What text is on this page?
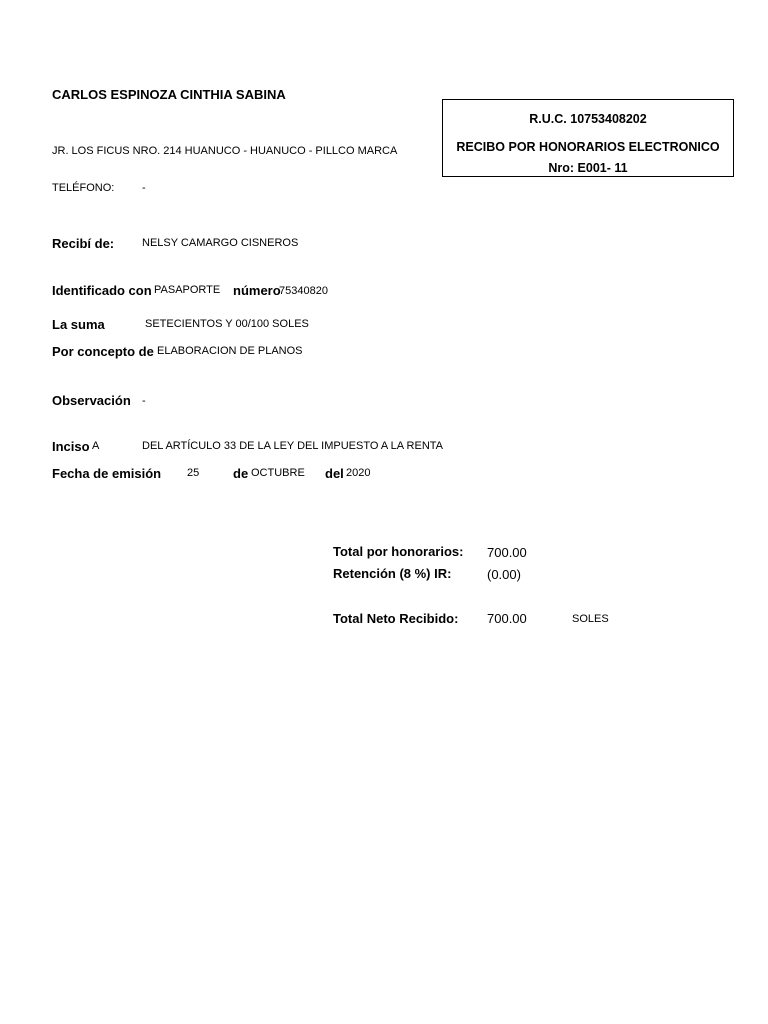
CARLOS ESPINOZA CINTHIA SABINA
JR. LOS FICUS NRO. 214 HUANUCO - HUANUCO - PILLCO MARCA
TELÉFONO:	-
R.U.C. 10753408202
RECIBO POR HONORARIOS ELECTRONICO
Nro: E001- 11
Recibí de:	NELSY CAMARGO CISNEROS
Identificado con PASAPORTE número
75340820
La suma	SETECIENTOS Y 00/100 SOLES
Por concepto de ELABORACION DE PLANOS
Observación -
Inciso A	DEL ARTÍCULO 33 DE LA LEY DEL IMPUESTO A LA RENTA
Fecha de emisión 25	de OCTUBRE del 2020
Total por honorarios: 700.00
Retención (8 %) IR:	(0.00)
Total Neto Recibido: 700.00	SOLES
